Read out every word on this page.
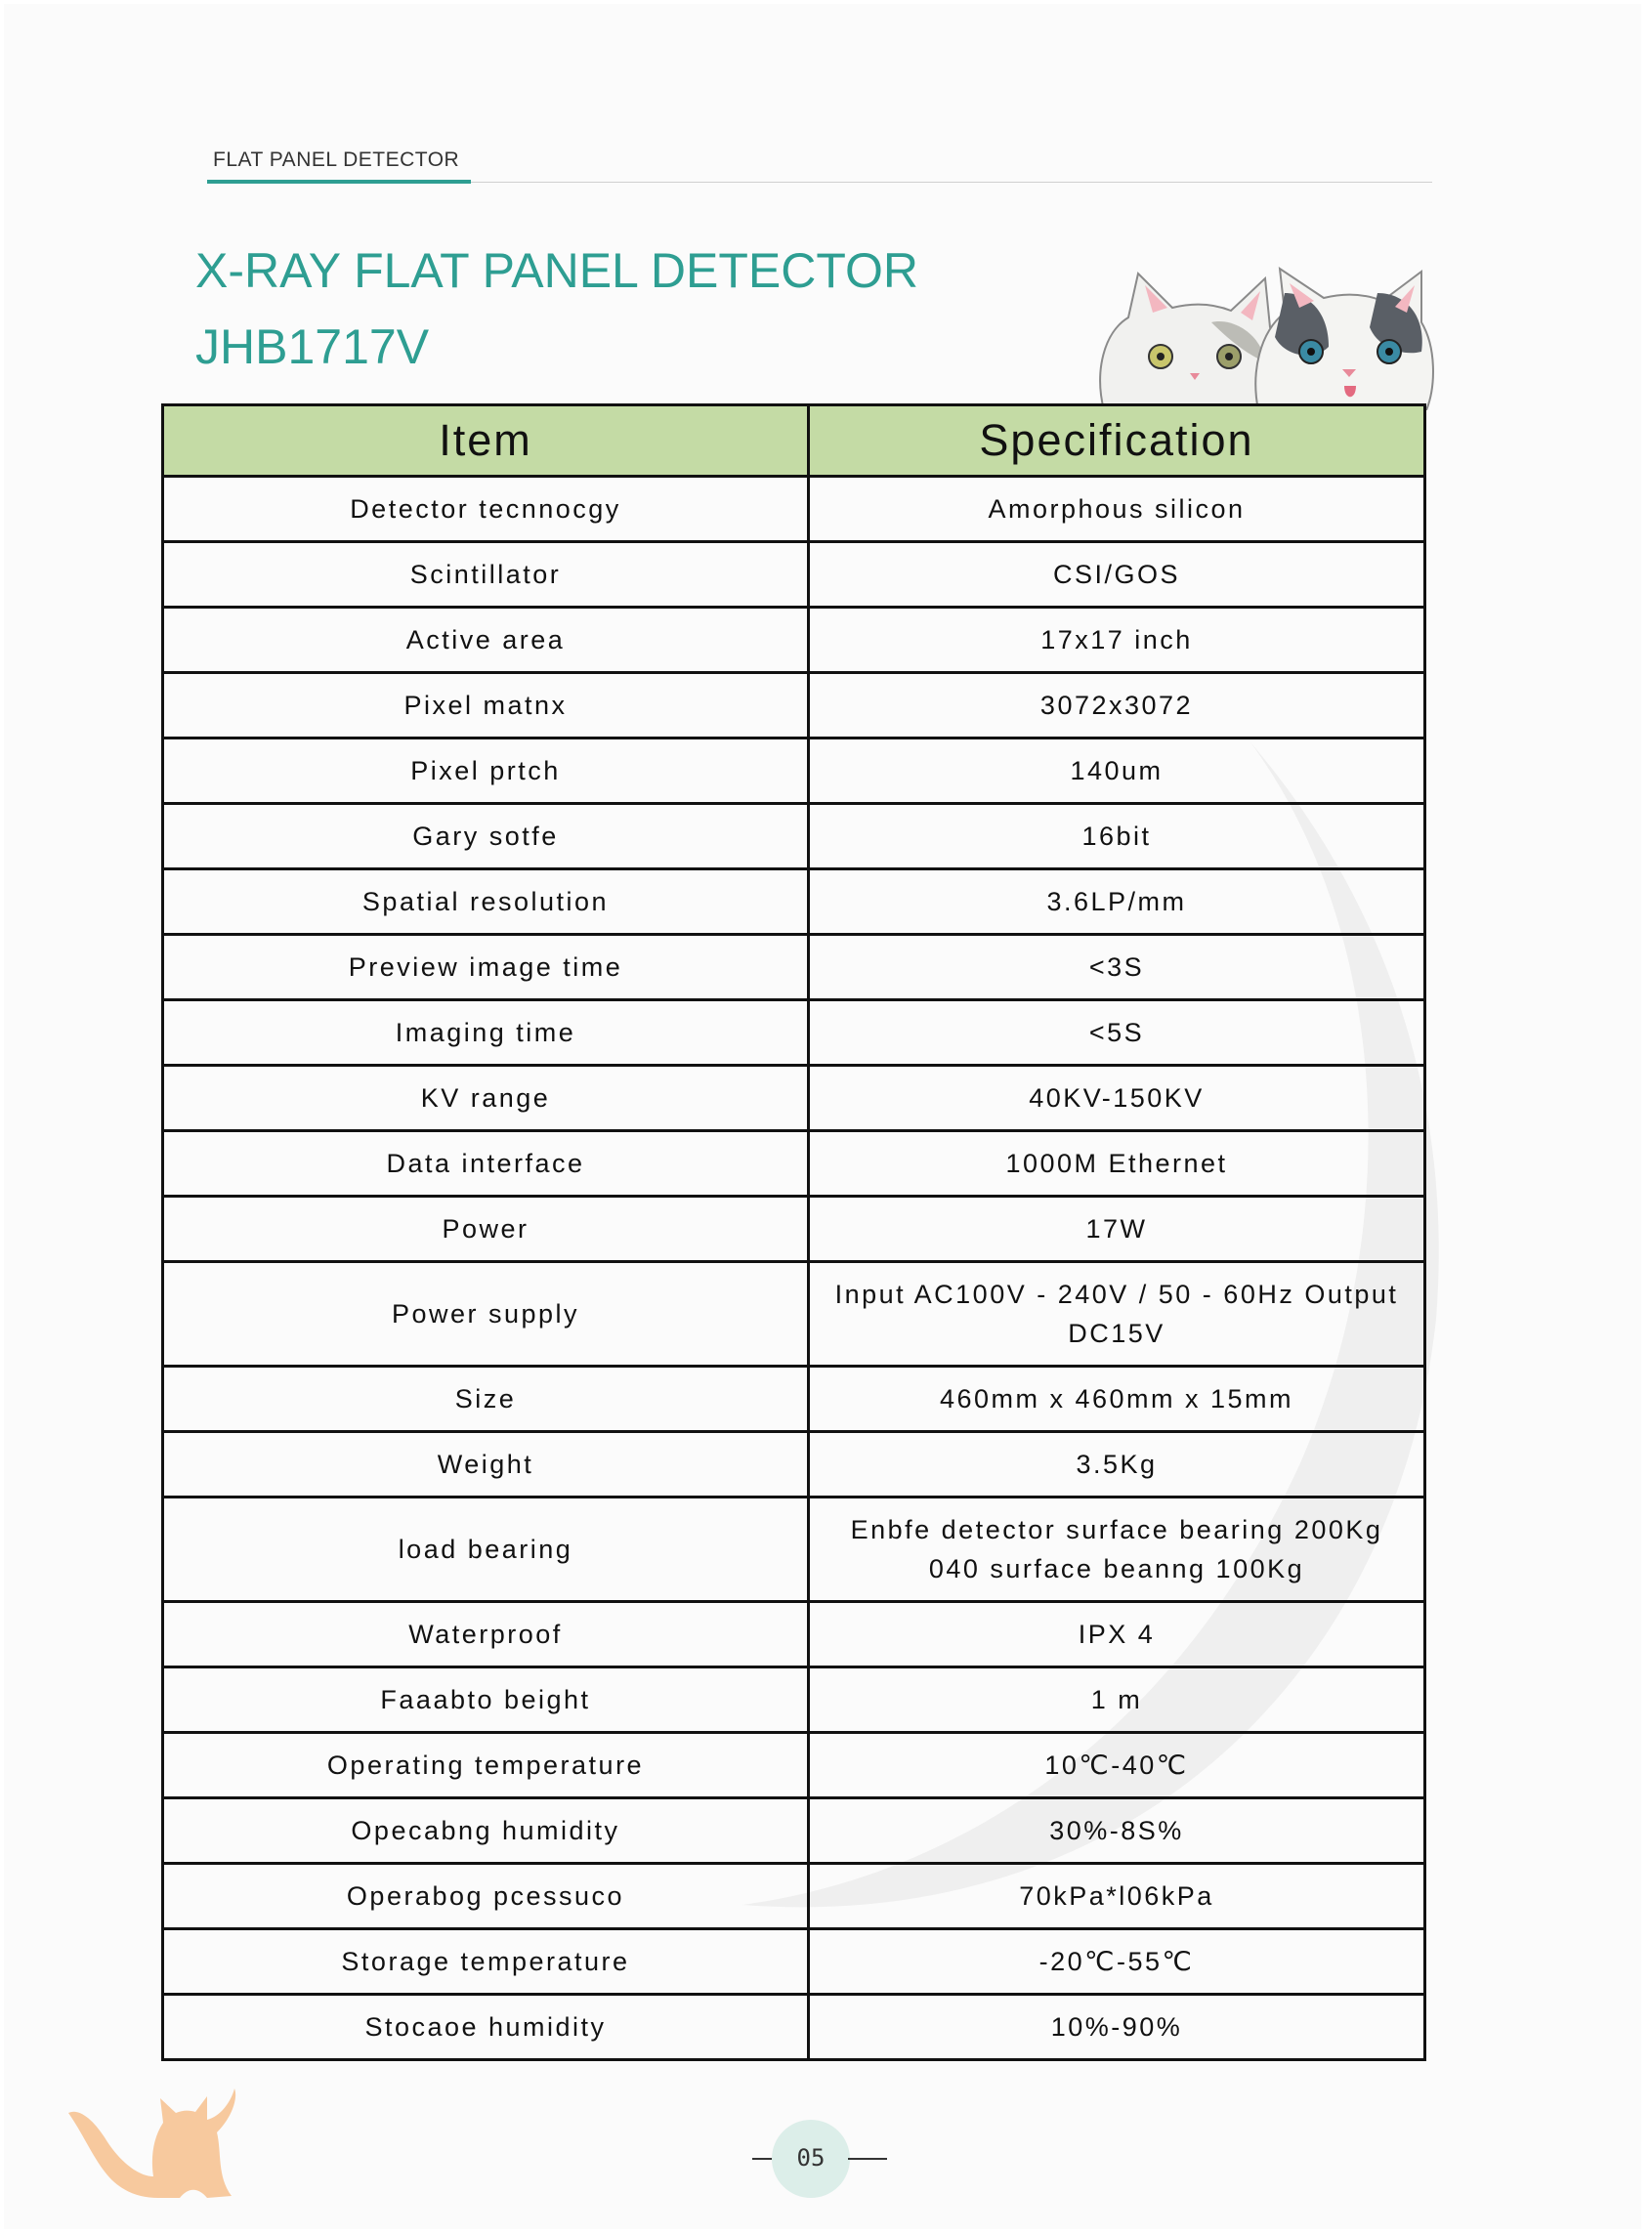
FLAT PANEL DETECTOR
X-RAY FLAT PANEL DETECTOR
JHB1717V
Item	Specification
Detector tecnnocgy	Amorphous silicon
Scintillator	CSI/GOS
Active area	17x17 inch
Pixel matnx	3072x3072
Pixel prtch	140um
Gary sotfe	16bit
Spatial resolution	3.6LP/mm
Preview image time	<3S
Imaging time	<5S
KV range	40KV-150KV
Data interface	1000M Ethernet
Power	17W
Power supply	Input AC100V - 240V / 50 - 60Hz Output DC15V
Size	460mm x 460mm x 15mm
Weight	3.5Kg
load bearing	Enbfe detector surface bearing 200Kg 040 surface beanng 100Kg
Waterproof	IPX 4
Faaabto beight	1 m
Operating temperature	10℃-40℃
Opecabng humidity	30%-8S%
Operabog pcessuco	70kPa*l06kPa
Storage temperature	-20℃-55℃
Stocaoe humidity	10%-90%
05
